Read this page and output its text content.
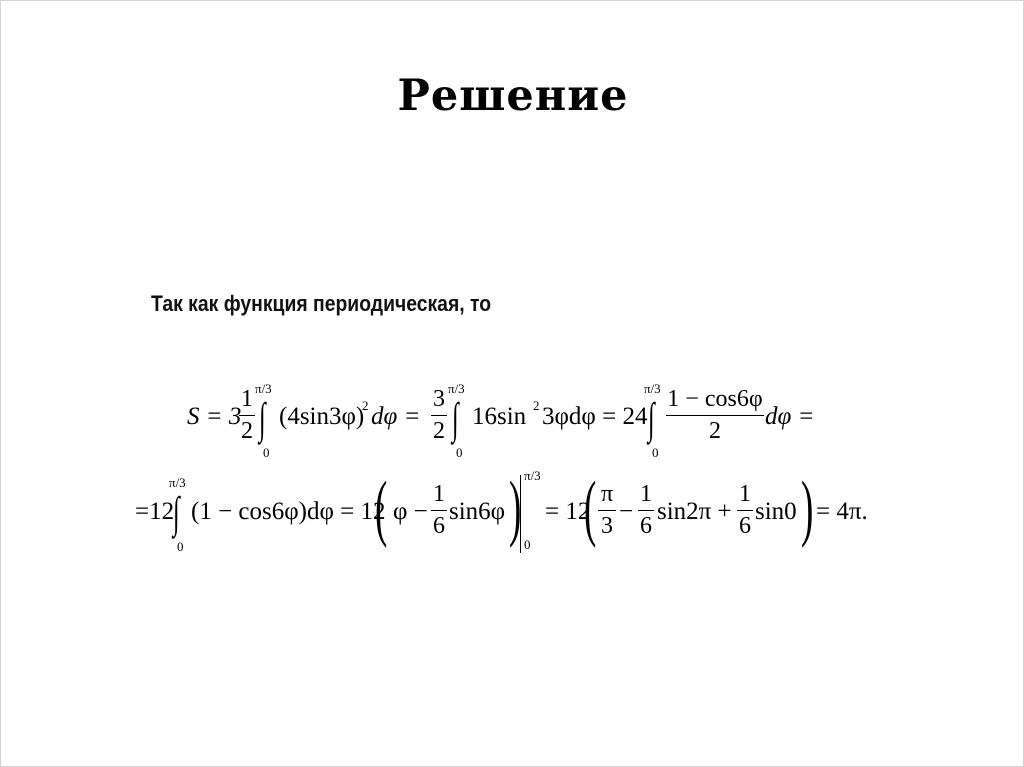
Решение
Так как функция периодическая, то
S = 3
1
2
π/3
∫
0
(4sin3φ)
2 dφ =
3
2
π/3
∫
0
16sin 2 3φdφ = 24
π/3
∫
0
1 − cos6φ
2
dφ =
=12
π/3
∫
0
(1 − cos6φ)dφ = 12
( φ −
1
6
sin6φ ) π/3
0
= 12
( π
3
−
1
6
sin2π +
1
6
sin0 ) = 4π.
